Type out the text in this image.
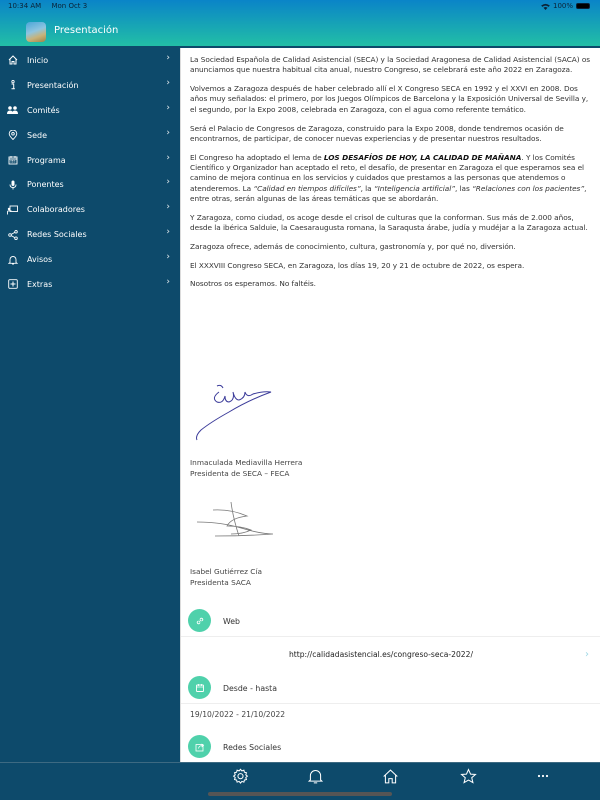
10:34 AM Mon Oct 3	100%
Presentación
Inicio	›
Presentación	›
Comités	›
Sede	›
Programa	›
Ponentes	›
Colaboradores	›
Redes Sociales	›
Avisos	›
Extras	›

La Sociedad Española de Calidad Asistencial (SECA) y la Sociedad Aragonesa de Calidad Asistencial (SACA) os anunciamos que nuestra habitual cita anual, nuestro Congreso, se celebrará este año 2022 en Zaragoza.

Volvemos a Zaragoza después de haber celebrado allí el X Congreso SECA en 1992 y el XXVI en 2008. Dos años muy señalados: el primero, por los Juegos Olímpicos de Barcelona y la Exposición Universal de Sevilla y, el segundo, por la Expo 2008, celebrada en Zaragoza, con el agua como referente temático.

Será el Palacio de Congresos de Zaragoza, construido para la Expo 2008, donde tendremos ocasión de encontrarnos, de participar, de conocer nuevas experiencias y de presentar nuestros resultados.

El Congreso ha adoptado el lema de LOS DESAFÍOS DE HOY, LA CALIDAD DE MAÑANA. Y los Comités Científico y Organizador han aceptado el reto, el desafío, de presentar en Zaragoza el que esperamos sea el camino de mejora continua en los servicios y cuidados que prestamos a las personas que atendemos o atenderemos. La “Calidad en tiempos difíciles”, la “Inteligencia artificial”, las “Relaciones con los pacientes”, entre otras, serán algunas de las áreas temáticas que se abordarán.

Y Zaragoza, como ciudad, os acoge desde el crisol de culturas que la conforman. Sus más de 2.000 años, desde la ibérica Salduie, la Caesaraugusta romana, la Saraqusta árabe, judía y mudéjar a la Zaragoza actual.

Zaragoza ofrece, además de conocimiento, cultura, gastronomía y, por qué no, diversión.

El XXXVIII Congreso SECA, en Zaragoza, los días 19, 20 y 21 de octubre de 2022, os espera.

Nosotros os esperamos. No faltéis.

Inmaculada Mediavilla Herrera
Presidenta de SECA – FECA
Isabel Gutiérrez Cía
Presidenta SACA
Web
http://calidadasistencial.es/congreso-seca-2022/	›
Desde - hasta
19/10/2022 - 21/10/2022
Redes Sociales
